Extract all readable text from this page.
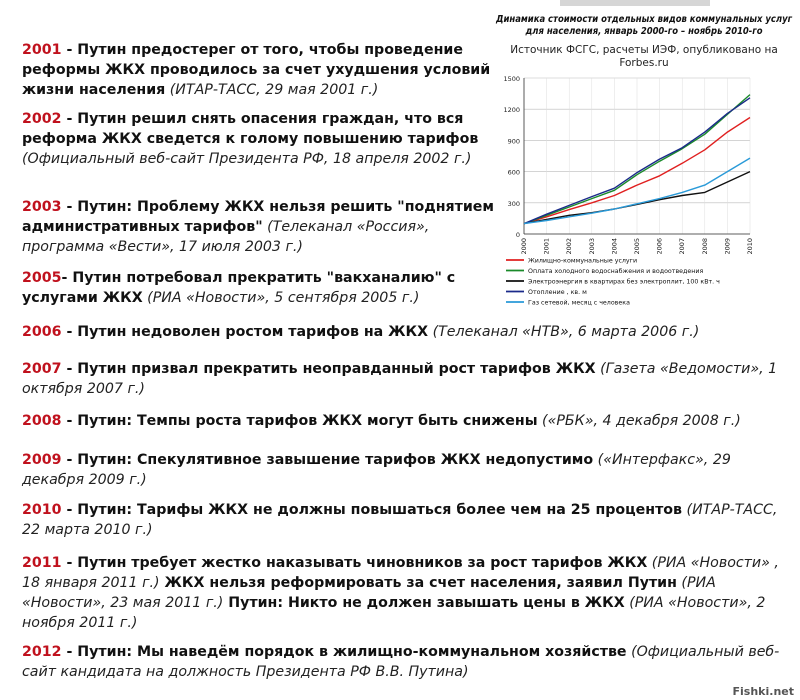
2001 - Путин предостерег от того, чтобы проведение реформы ЖКХ проводилось за счет ухудшения условий жизни населения (ИТАР-ТАСС, 29 мая 2001 г.)
2002 - Путин решил снять опасения граждан, что вся реформа ЖКХ сведется к голому повышению тарифов (Официальный веб-сайт Президента РФ, 18 апреля 2002 г.)
2003 - Путин: Проблему ЖКХ нельзя решить "поднятием административных тарифов" (Телеканал «Россия», программа «Вести», 17 июля 2003 г.)
2005- Путин потребовал прекратить "вакханалию" с услугами ЖКХ (РИА «Новости», 5 сентября 2005 г.)
2006 - Путин недоволен ростом тарифов на ЖКХ (Телеканал «НТВ», 6 марта 2006 г.)
2007 - Путин призвал прекратить неоправданный рост тарифов ЖКХ (Газета «Ведомости», 1 октября 2007 г.)
2008 - Путин: Темпы роста тарифов ЖКХ могут быть снижены («РБК», 4 декабря 2008 г.)
2009 - Путин: Спекулятивное завышение тарифов ЖКХ недопустимо («Интерфакс», 29 декабря 2009 г.)
2010 - Путин: Тарифы ЖКХ не должны повышаться более чем на 25 процентов (ИТАР-ТАСС, 22 марта 2010 г.)
2011 - Путин требует жестко наказывать чиновников за рост тарифов ЖКХ (РИА «Новости» , 18 января 2011 г.) ЖКХ нельзя реформировать за счет населения, заявил Путин (РИА «Новости», 23 мая 2011 г.) Путин: Никто не должен завышать цены в ЖКХ (РИА «Новости», 2 ноября 2011 г.)
2012 - Путин: Мы наведём порядок в жилищно-коммунальном хозяйстве (Официальный веб-сайт кандидата на должность Президента РФ В.В. Путина)
Динамика стоимости отдельных видов коммунальных услуг для населения, январь 2000-го – ноябрь 2010-го
Источник ФСГС, расчеты ИЭФ, опубликовано на Forbes.ru
0
300
600
900
1200
1500
2000 2001 2002 2003 2004 2005 2006 2007 2008 2009 2010
Жилищно-коммунальные услуги
Оплата холодного водоснабжения и водоотведения
Электроэнергия в квартирах без электроплит, 100 кВт. ч
Отопление , кв. м
Газ сетевой, месяц с человека
Fishki.net
